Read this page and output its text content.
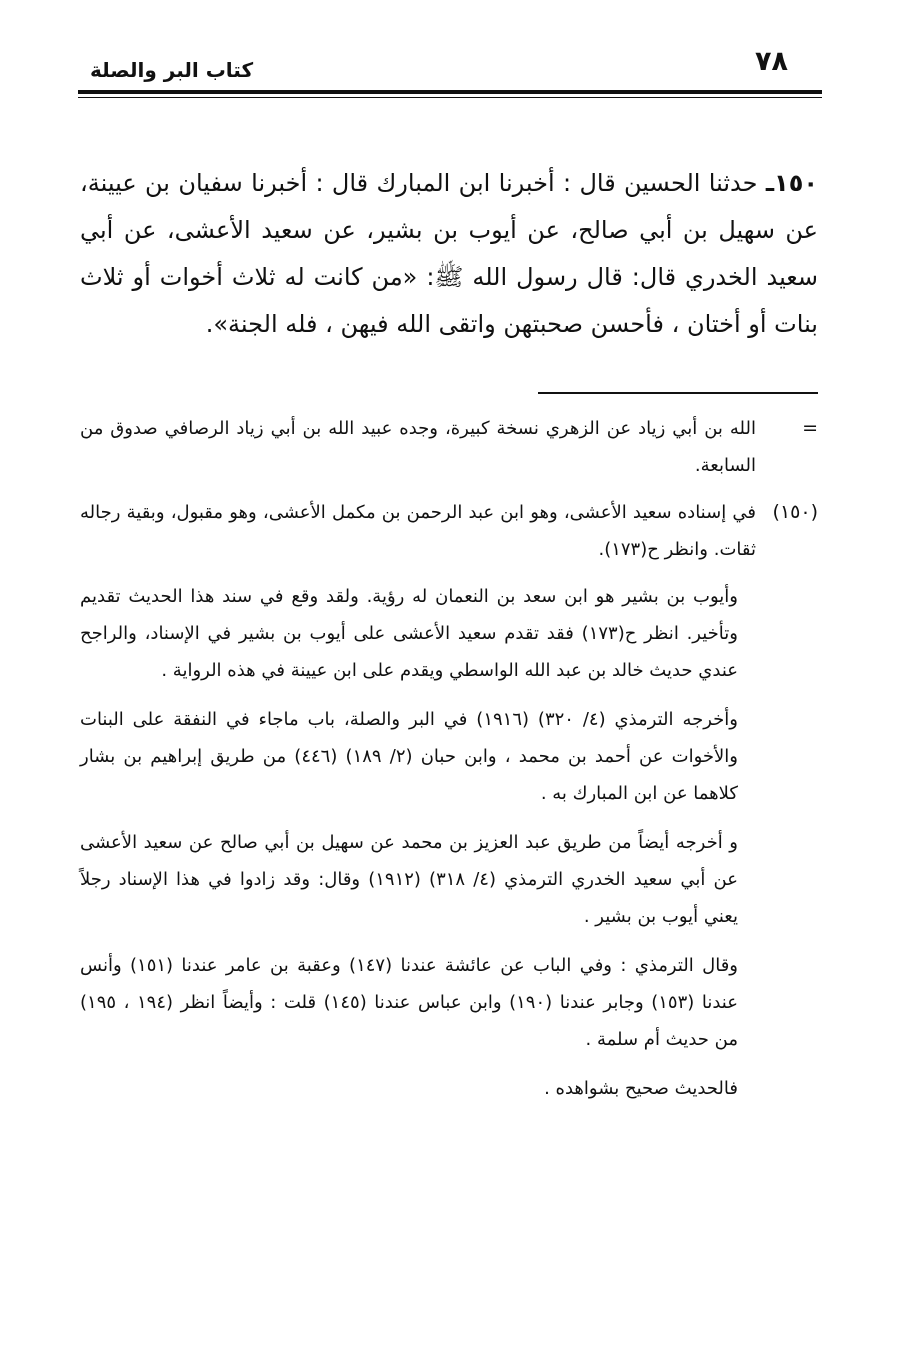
٧٨
كتاب البر والصلة
١٥٠ـ حدثنا الحسين قال : أخبرنا ابن المبارك قال : أخبرنا سفيان بن عيينة، عن سهيل بن أبي صالح، عن أيوب بن بشير، عن سعيد الأعشى، عن أبي سعيد الخدري قال: قال رسول الله ﷺ: «من كانت له ثلاث أخوات أو ثلاث بنات أو أختان ، فأحسن صحبتهن واتقى الله فيهن ، فله الجنة».
=
الله بن أبي زياد عن الزهري نسخة كبيرة، وجده عبيد الله بن أبي زياد الرصافي صدوق من السابعة.
(١٥٠)
في إسناده سعيد الأعشى، وهو ابن عبد الرحمن بن مكمل الأعشى، وهو مقبول، وبقية رجاله ثقات. وانظر ح(١٧٣).
وأيوب بن بشير هو ابن سعد بن النعمان له رؤية. ولقد وقع في سند هذا الحديث تقديم وتأخير. انظر ح(١٧٣) فقد تقدم سعيد الأعشى على أيوب بن بشير في الإسناد، والراجح عندي حديث خالد بن عبد الله الواسطي ويقدم على ابن عيينة في هذه الرواية .
وأخرجه الترمذي (٤/ ٣٢٠) (١٩١٦) في البر والصلة، باب ماجاء في النفقة على البنات والأخوات عن أحمد بن محمد ، وابن حبان (٢/ ١٨٩) (٤٤٦) من طريق إبراهيم بن بشار كلاهما عن ابن المبارك به .
و أخرجه أيضاً من طريق عبد العزيز بن محمد عن سهيل بن أبي صالح عن سعيد الأعشى عن أبي سعيد الخدري الترمذي (٤/ ٣١٨) (١٩١٢) وقال: وقد زادوا في هذا الإسناد رجلاً يعني أيوب بن بشير .
وقال الترمذي : وفي الباب عن عائشة عندنا (١٤٧) وعقبة بن عامر عندنا (١٥١) وأنس عندنا (١٥٣) وجابر عندنا (١٩٠) وابن عباس عندنا (١٤٥) قلت : وأيضاً انظر (١٩٤ ، ١٩٥) من حديث أم سلمة .
فالحديث صحيح بشواهده .
